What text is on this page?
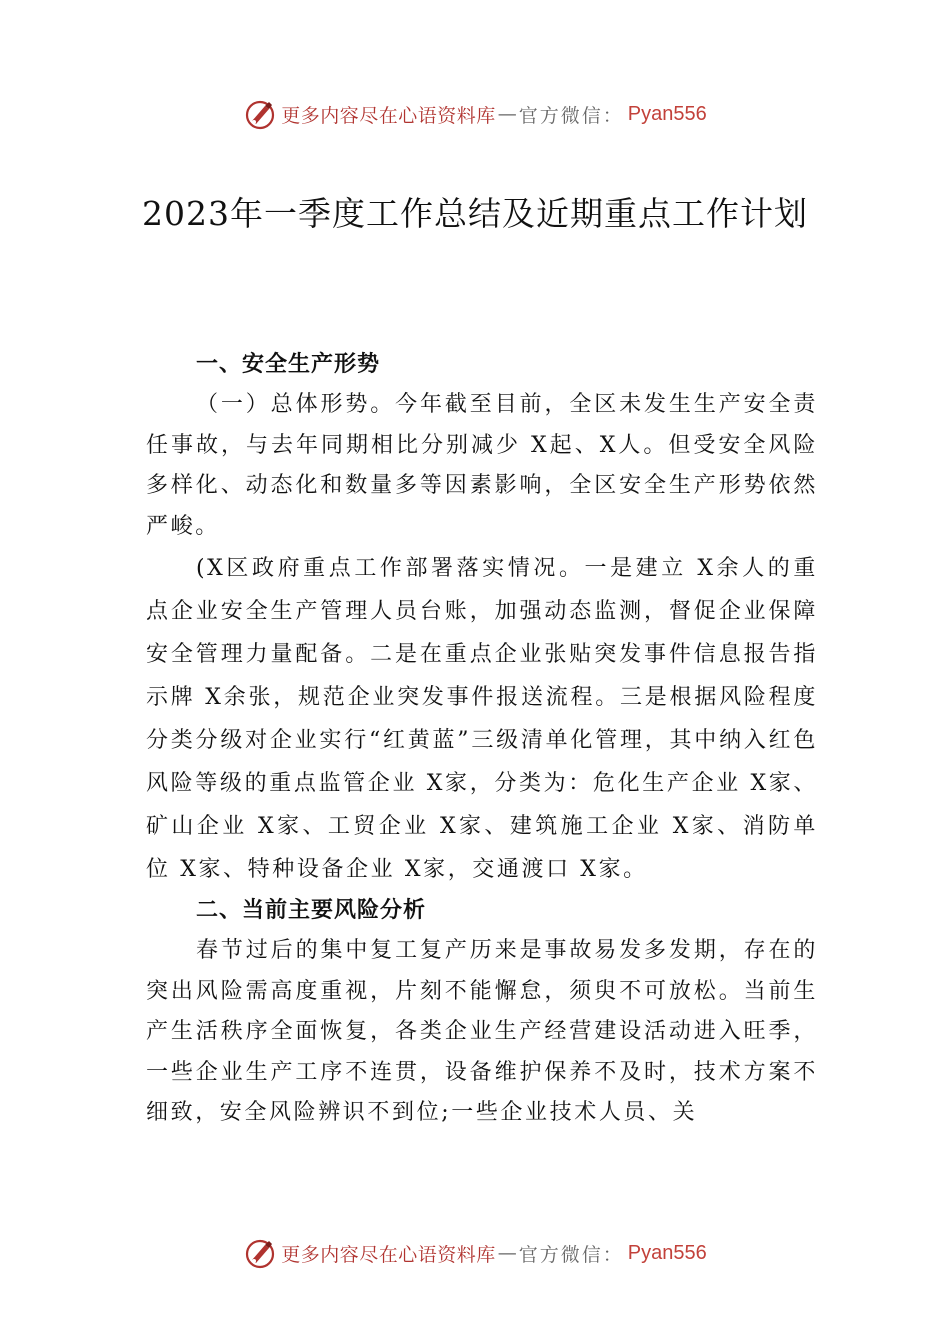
更多内容尽在心语资料库 — 官方微信： Pyan556
2023年一季度工作总结及近期重点工作计划
一、安全生产形势

（一）总体形势。今年截至目前，全区未发生生产安全责任事故，与去年同期相比分别减少 X起、X人。但受安全风险多样化、动态化和数量多等因素影响，全区安全生产形势依然严峻。

(X区政府重点工作部署落实情况。一是建立 X余人的重点企业安全生产管理人员台账，加强动态监测，督促企业保障安全管理力量配备。二是在重点企业张贴突发事件信息报告指示牌 X余张，规范企业突发事件报送流程。三是根据风险程度分类分级对企业实行“红黄蓝”三级清单化管理，其中纳入红色风险等级的重点监管企业 X家，分类为：危化生产企业 X家、矿山企业 X家、工贸企业 X家、建筑施工企业 X家、消防单位 X家、特种设备企业 X家，交通渡口 X家。

二、当前主要风险分析

春节过后的集中复工复产历来是事故易发多发期，存在的突出风险需高度重视，片刻不能懈怠，须臾不可放松。当前生产生活秩序全面恢复，各类企业生产经营建设活动进入旺季，一些企业生产工序不连贯，设备维护保养不及时，技术方案不细致，安全风险辨识不到位;一些企业技术人员、关

更多内容尽在心语资料库 — 官方微信： Pyan556
